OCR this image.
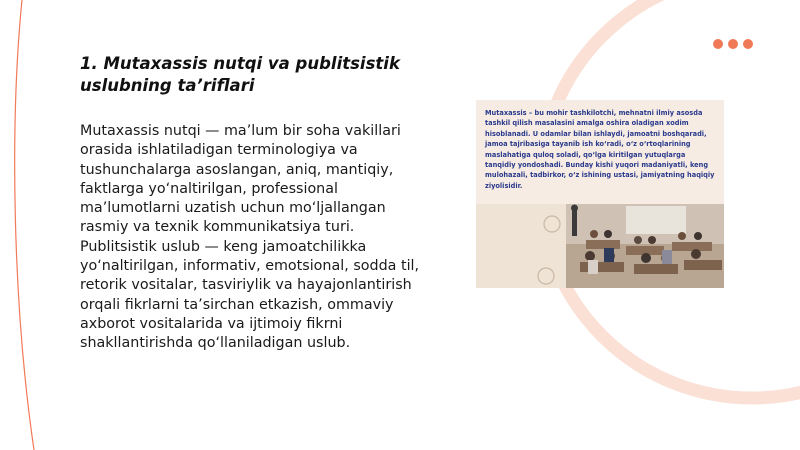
1. Mutaxassis nutqi va publitsistik uslubning ta’riflari

Mutaxassis nutqi — ma’lum bir soha vakillari orasida ishlatiladigan terminologiya va tushunchalarga asoslangan, aniq, mantiqiy, faktlarga yo‘naltirilgan, professional ma’lumotlarni uzatish uchun mo‘ljallangan rasmiy va texnik kommunikatsiya turi. Publitsistik uslub — keng jamoatchilikka yo‘naltirilgan, informativ, emotsional, sodda til, retorik vositalar, tasviriylik va hayajonlantirish orqali fikrlarni ta’sirchan etkazish, ommaviy axborot vositalarida va ijtimoiy fikrni shakllantirishda qo‘llaniladigan uslub.

Mutaxassis – bu mohir tashkilotchi, mehnatni ilmiy asosda tashkil qilish masalasini amalga oshira oladigan xodim hisoblanadi. U odamlar bilan ishlaydi, jamoatni boshqaradi, jamoa tajribasiga tayanib ish ko‘radi, o‘z o‘rtoqlarining maslahatiga quloq soladi, qo‘lga kiritilgan yutuqlarga tanqidiy yondoshadi. Bunday kishi yuqori madaniyatli, keng mulohazali, tadbirkor, o‘z ishining ustasi, jamiyatning haqiqiy ziyolisidir.
